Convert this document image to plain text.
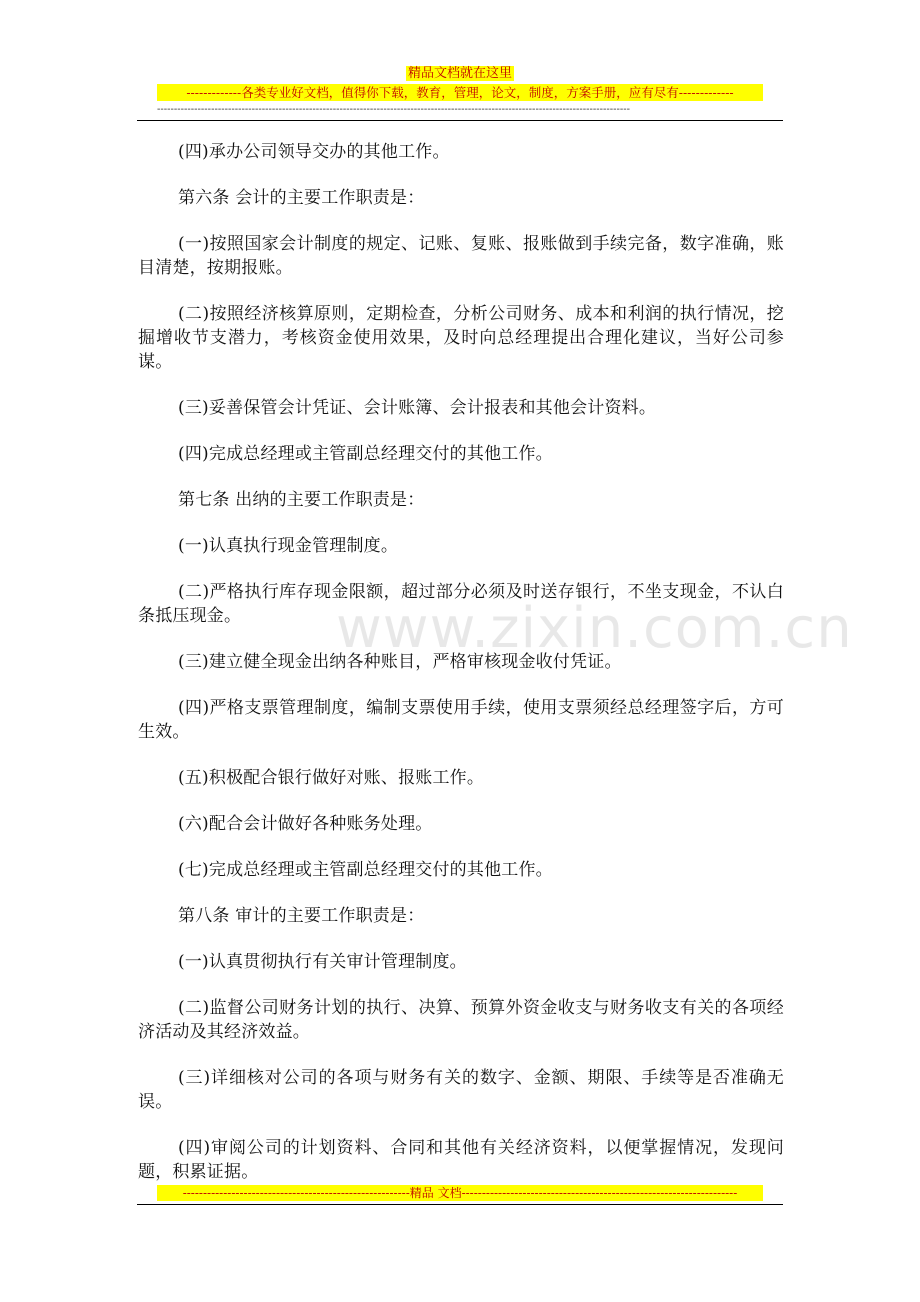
精品文档就在这里
-------------各类专业好文档，值得你下载，教育，管理，论文，制度，方案手册，应有尽有-------------
--------------------------------------------------------------------------------------------------------------------------------------------

(四)承办公司领导交办的其他工作。

第六条 会计的主要工作职责是：

(一)按照国家会计制度的规定、记账、复账、报账做到手续完备，数字准确，账目清楚，按期报账。

(二)按照经济核算原则，定期检查，分析公司财务、成本和利润的执行情况，挖掘增收节支潜力，考核资金使用效果，及时向总经理提出合理化建议，当好公司参谋。

(三)妥善保管会计凭证、会计账簿、会计报表和其他会计资料。

(四)完成总经理或主管副总经理交付的其他工作。

第七条 出纳的主要工作职责是：

(一)认真执行现金管理制度。

(二)严格执行库存现金限额，超过部分必须及时送存银行，不坐支现金，不认白条抵压现金。

(三)建立健全现金出纳各种账目，严格审核现金收付凭证。

(四)严格支票管理制度，编制支票使用手续，使用支票须经总经理签字后，方可生效。

(五)积极配合银行做好对账、报账工作。

(六)配合会计做好各种账务处理。

(七)完成总经理或主管副总经理交付的其他工作。

第八条 审计的主要工作职责是：

(一)认真贯彻执行有关审计管理制度。

(二)监督公司财务计划的执行、决算、预算外资金收支与财务收支有关的各项经济活动及其经济效益。

(三)详细核对公司的各项与财务有关的数字、金额、期限、手续等是否准确无误。

(四)审阅公司的计划资料、合同和其他有关经济资料，以便掌握情况，发现问题，积累证据。

www.zixin.com.cn
--------------------------------------------------------精品 文档--------------------------------------------------------------------
